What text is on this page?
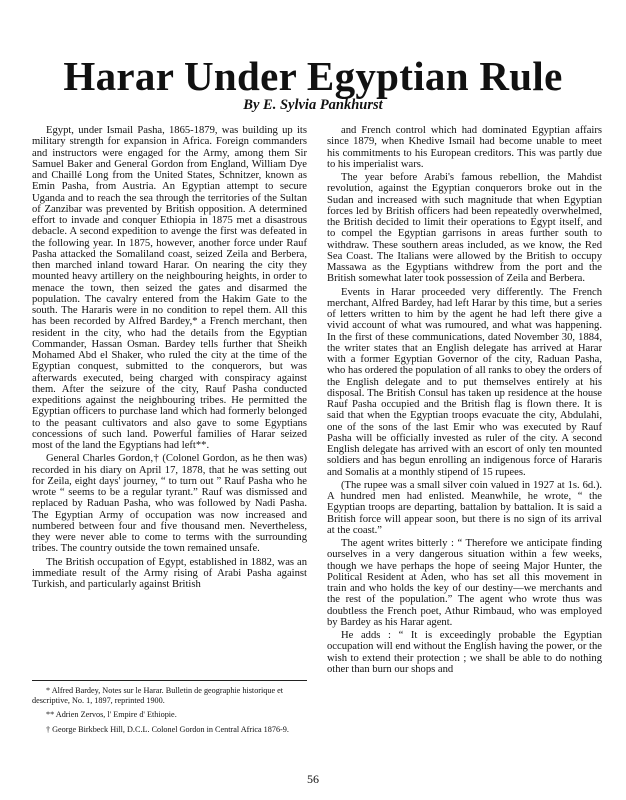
Harar Under Egyptian Rule
By E. Sylvia Pankhurst

Egypt, under Ismail Pasha, 1865-1879, was building up its military strength for expansion in Africa. Foreign commanders and instructors were engaged for the Army, among them Sir Samuel Baker and General Gordon from England, William Dye and Chaillé Long from the United States, Schnitzer, known as Emin Pasha, from Austria. An Egyptian attempt to secure Uganda and to reach the sea through the territories of the Sultan of Zanzibar was prevented by British opposition. A determined effort to invade and conquer Ethiopia in 1875 met a disastrous debacle. A second expedition to avenge the first was defeated in the following year. In 1875, however, another force under Rauf Pasha attacked the Somaliland coast, seized Zeila and Berbera, then marched inland toward Harar. On nearing the city they mounted heavy artillery on the neighbouring heights, in order to menace the town, then seized the gates and disarmed the population. The cavalry entered from the Hakim Gate to the south. The Hararis were in no condition to repel them. All this has been recorded by Alfred Bardey,* a French merchant, then resident in the city, who had the details from the Egyptian Commander, Hassan Osman. Bardey tells further that Sheikh Mohamed Abd el Shaker, who ruled the city at the time of the Egyptian conquest, submitted to the conquerors, but was afterwards executed, being charged with conspiracy against them. After the seizure of the city, Rauf Pasha conducted expeditions against the neighbouring tribes. He permitted the Egyptian officers to purchase land which had formerly belonged to the peasant cultivators and also gave to some Egyptians concessions of such land. Powerful families of Harar seized most of the land the Egyptians had left**.

General Charles Gordon,† (Colonel Gordon, as he then was) recorded in his diary on April 17, 1878, that he was setting out for Zeila, eight days' journey, “ to turn out ” Rauf Pasha who he wrote “ seems to be a regular tyrant.” Rauf was dismissed and replaced by Raduan Pasha, who was followed by Nadi Pasha. The Egyptian Army of occupation was now increased and numbered between four and five thousand men. Nevertheless, they were never able to come to terms with the surrounding tribes. The country outside the town remained unsafe.

The British occupation of Egypt, established in 1882, was an immediate result of the Army rising of Arabi Pasha against Turkish, and particularly against British

and French control which had dominated Egyptian affairs since 1879, when Khedive Ismail had become unable to meet his commitments to his European creditors. This was partly due to his imperialist wars.

The year before Arabi's famous rebellion, the Mahdist revolution, against the Egyptian conquerors broke out in the Sudan and increased with such magnitude that when Egyptian forces led by British officers had been repeatedly overwhelmed, the British decided to limit their operations to Egypt itself, and to compel the Egyptian garrisons in areas further south to withdraw. These southern areas included, as we know, the Red Sea Coast. The Italians were allowed by the British to occupy Massawa as the Egyptians withdrew from the port and the British somewhat later took possession of Zeila and Berbera.

Events in Harar proceeded very differently. The French merchant, Alfred Bardey, had left Harar by this time, but a series of letters written to him by the agent he had left there give a vivid account of what was rumoured, and what was happening. In the first of these communications, dated November 30, 1884, the writer states that an English delegate has arrived at Harar with a former Egyptian Governor of the city, Raduan Pasha, who has ordered the population of all ranks to obey the orders of the English delegate and to put themselves entirely at his disposal. The British Consul has taken up residence at the house Rauf Pasha occupied and the British flag is flown there. It is said that when the Egyptian troops evacuate the city, Abdulahi, one of the sons of the last Emir who was executed by Rauf Pasha will be officially invested as ruler of the city. A second English delegate has arrived with an escort of only ten mounted soldiers and has begun enrolling an indigenous force of Hararis and Somalis at a monthly stipend of 15 rupees.

(The rupee was a small silver coin valued in 1927 at 1s. 6d.). A hundred men had enlisted. Meanwhile, he wrote, “ the Egyptian troops are departing, battalion by battalion. It is said a British force will appear soon, but there is no sign of its arrival at the coast.”

The agent writes bitterly : “ Therefore we anticipate finding ourselves in a very dangerous situation within a few weeks, though we have perhaps the hope of seeing Major Hunter, the Political Resident at Aden, who has set all this movement in train and who holds the key of our destiny—we merchants and the rest of the population.” The agent who wrote thus was doubtless the French poet, Athur Rimbaud, who was employed by Bardey as his Harar agent.

He adds : “ It is exceedingly probable the Egyptian occupation will end without the English having the power, or the wish to extend their protection ; we shall be able to do nothing other than burn our shops and

* Alfred Bardey, Notes sur le Harar. Bulletin de geographie historique et descriptive, No. 1, 1897, reprinted 1900.

** Adrien Zervos, l' Empire d' Ethiopie.

† George Birkbeck Hill, D.C.L. Colonel Gordon in Central Africa 1876-9.

56
